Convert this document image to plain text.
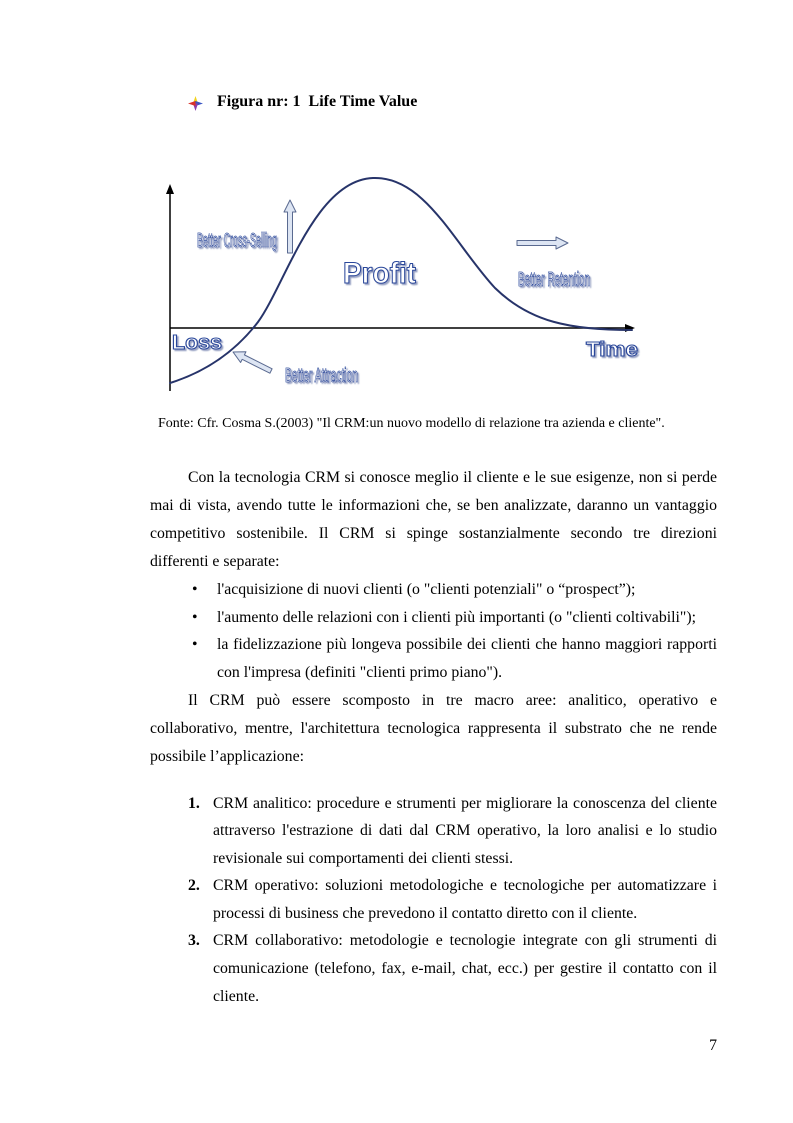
Figura nr: 1  Life Time Value
Better Cross-Selling
Profit	Better Retention
Loss	Time
Better Attraction
Fonte: Cfr. Cosma S.(2003) "Il CRM:un nuovo modello di relazione tra azienda e cliente".
Con la tecnologia CRM si conosce meglio il cliente e le sue esigenze, non si perde
mai di vista, avendo tutte le informazioni che, se ben analizzate, daranno un vantaggio
competitivo sostenibile. Il CRM si spinge sostanzialmente secondo tre direzioni
differenti e separate:
• l'acquisizione di nuovi clienti (o "clienti potenziali" o “prospect”);
• l'aumento delle relazioni con i clienti più importanti (o "clienti coltivabili");
• la fidelizzazione più longeva possibile dei clienti che hanno maggiori rapporti
con l'impresa (definiti "clienti primo piano").
Il CRM può essere scomposto in tre macro aree: analitico, operativo e
collaborativo, mentre, l'architettura tecnologica rappresenta il substrato che ne rende
possibile l’applicazione:
1. CRM analitico: procedure e strumenti per migliorare la conoscenza del cliente
attraverso l'estrazione di dati dal CRM operativo, la loro analisi e lo studio
revisionale sui comportamenti dei clienti stessi.
2. CRM operativo: soluzioni metodologiche e tecnologiche per automatizzare i
processi di business che prevedono il contatto diretto con il cliente.
3. CRM collaborativo: metodologie e tecnologie integrate con gli strumenti di
comunicazione (telefono, fax, e-mail, chat, ecc.) per gestire il contatto con il
cliente.
7
